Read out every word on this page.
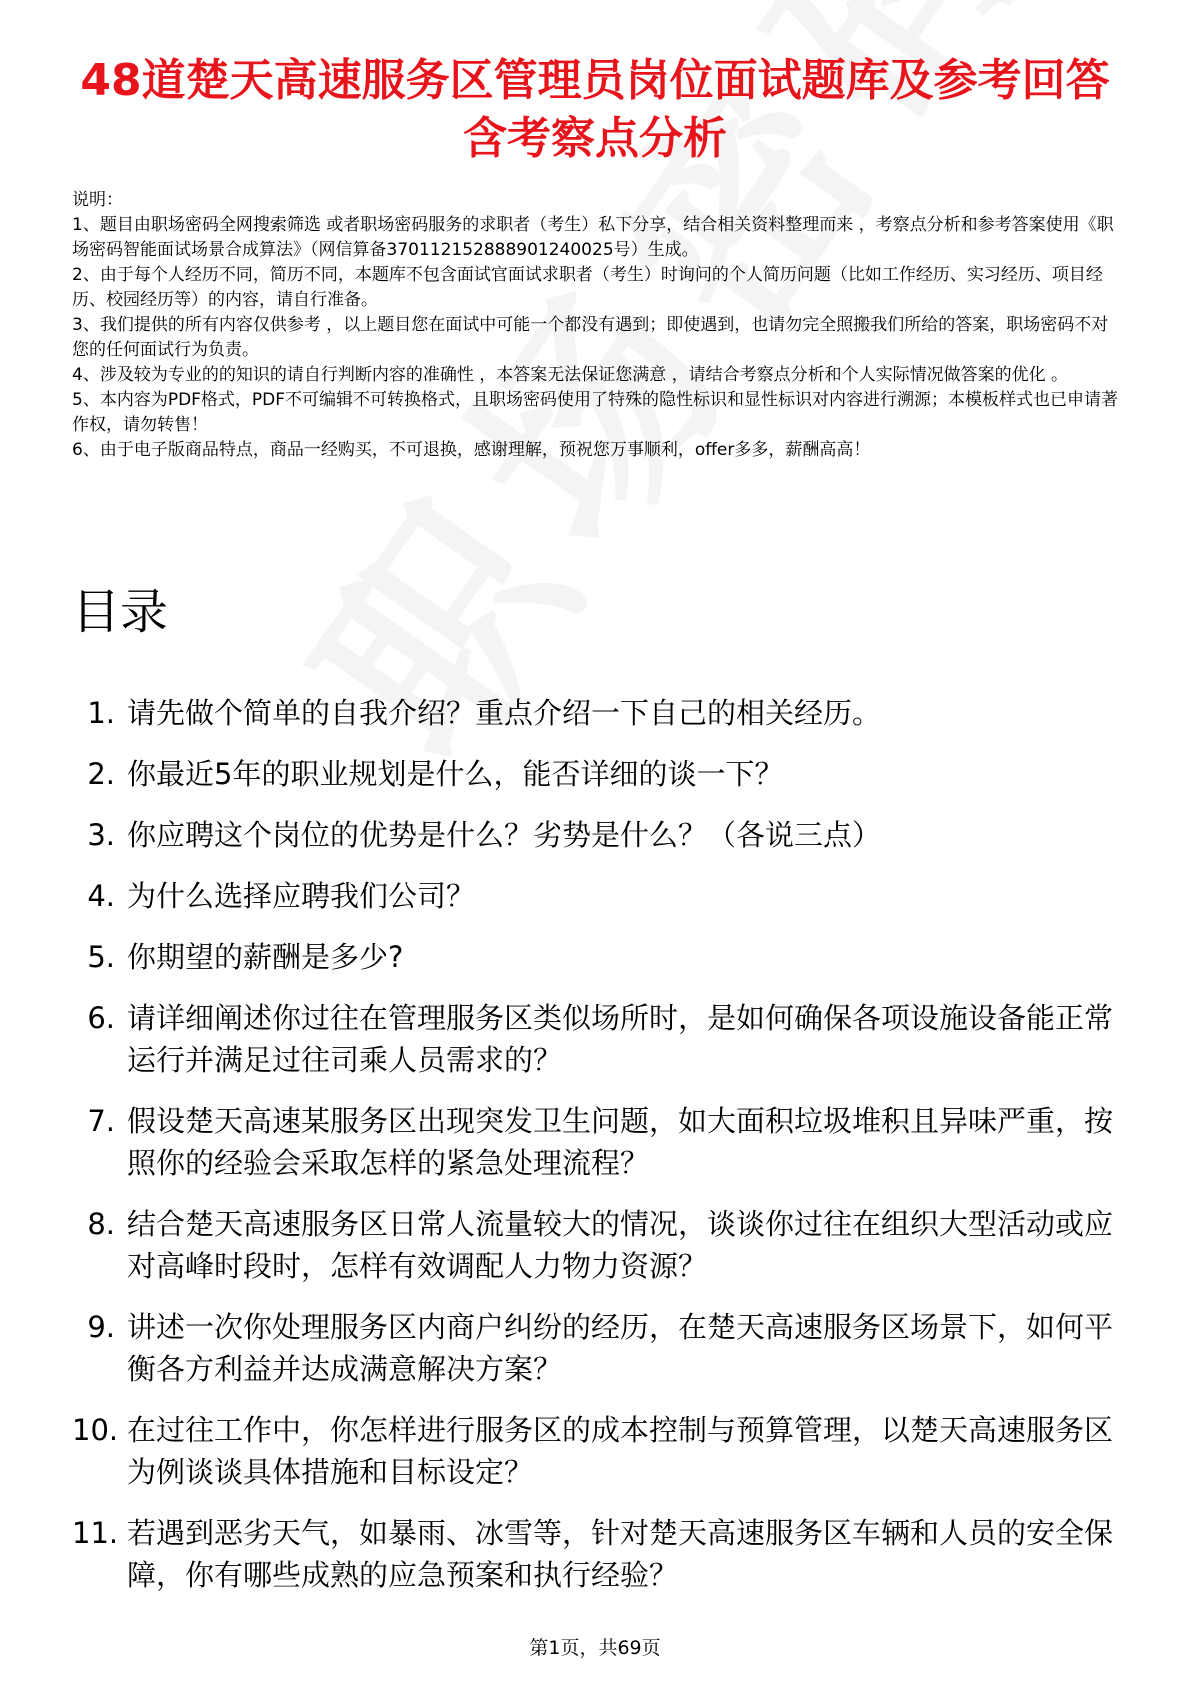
48道楚天高速服务区管理员岗位面试题库及参考回答含考察点分析

说明：

1、题目由职场密码全网搜索筛选 或者职场密码服务的求职者（考生）私下分享，结合相关资料整理而来 ，考察点分析和参考答案使用《职场密码智能面试场景合成算法》（网信算备370112152888901240025号）生成。

2、由于每个人经历不同，简历不同，本题库不包含面试官面试求职者（考生）时询问的个人简历问题（比如工作经历、实习经历、项目经历、校园经历等）的内容，请自行准备。

3、我们提供的所有内容仅供参考 ，以上题目您在面试中可能一个都没有遇到；即使遇到，也请勿完全照搬我们所给的答案，职场密码不对您的任何面试行为负责。

4、涉及较为专业的的知识的请自行判断内容的准确性 ，本答案无法保证您满意 ，请结合考察点分析和个人实际情况做答案的优化 。

5、本内容为PDF格式，PDF不可编辑不可转换格式，且职场密码使用了特殊的隐性标识和显性标识对内容进行溯源；本模板样式也已申请著作权，请勿转售！

6、由于电子版商品特点，商品一经购买，不可退换，感谢理解，预祝您万事顺利，offer多多，薪酬高高！

目录
1. 请先做个简单的自我介绍？重点介绍一下自己的相关经历。
2. 你最近5年的职业规划是什么，能否详细的谈一下？
3. 你应聘这个岗位的优势是什么？劣势是什么？（各说三点）
4. 为什么选择应聘我们公司？
5. 你期望的薪酬是多少?
6. 请详细阐述你过往在管理服务区类似场所时，是如何确保各项设施设备能正常运行并满足过往司乘人员需求的？
7. 假设楚天高速某服务区出现突发卫生问题，如大面积垃圾堆积且异味严重，按照你的经验会采取怎样的紧急处理流程？
8. 结合楚天高速服务区日常人流量较大的情况，谈谈你过往在组织大型活动或应对高峰时段时，怎样有效调配人力物力资源？
9. 讲述一次你处理服务区内商户纠纷的经历，在楚天高速服务区场景下，如何平衡各方利益并达成满意解决方案？
10. 在过往工作中，你怎样进行服务区的成本控制与预算管理，以楚天高速服务区为例谈谈具体措施和目标设定？
11. 若遇到恶劣天气，如暴雨、冰雪等，针对楚天高速服务区车辆和人员的安全保障，你有哪些成熟的应急预案和执行经验？
第1页，共69页
